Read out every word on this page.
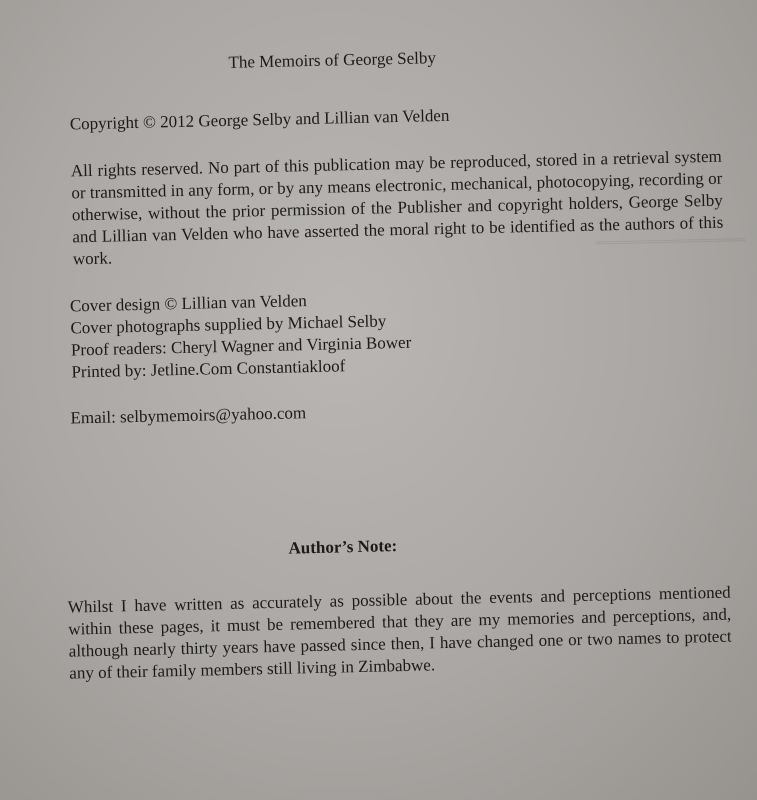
The Memoirs of George Selby
Copyright © 2012 George Selby and Lillian van Velden
All rights reserved. No part of this publication may be reproduced, stored in a retrieval system or transmitted in any form, or by any means electronic, mechanical, photocopying, recording or otherwise, without the prior permission of the Publisher and copyright holders, George Selby and Lillian van Velden who have asserted the moral right to be identified as the authors of this work.
Cover design © Lillian van Velden
Cover photographs supplied by Michael Selby
Proof readers: Cheryl Wagner and Virginia Bower
Printed by: Jetline.Com Constantiakloof
Email: selbymemoirs@yahoo.com
Author’s Note:
Whilst I have written as accurately as possible about the events and perceptions mentioned within these pages, it must be remembered that they are my memories and perceptions, and, although nearly thirty years have passed since then, I have changed one or two names to protect any of their family members still living in Zimbabwe.
